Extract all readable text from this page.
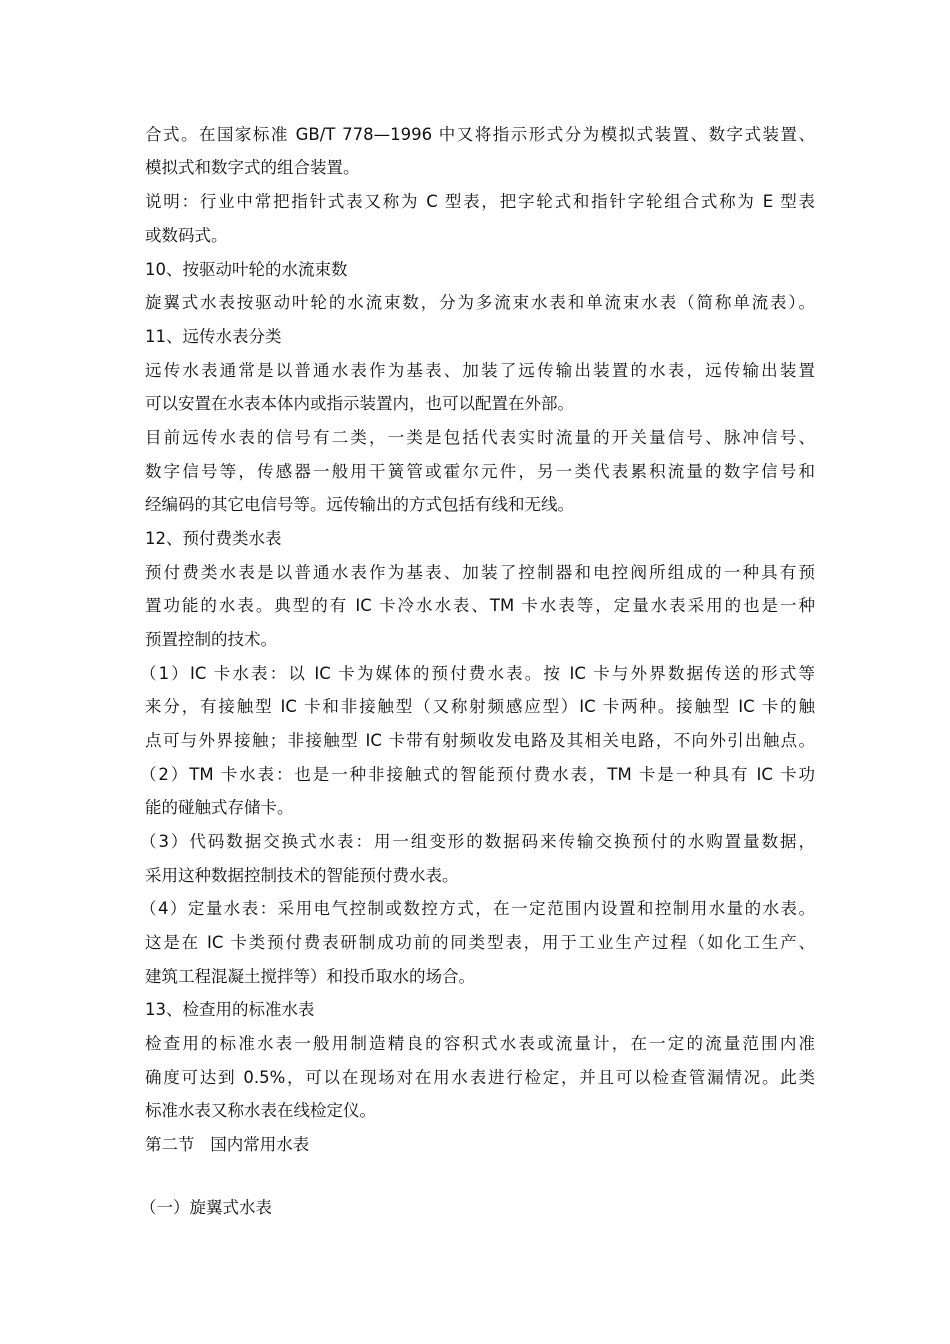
合式。在国家标准 GB/T 778—1996 中又将指示形式分为模拟式装置、数字式装置、
模拟式和数字式的组合装置。
说明：行业中常把指针式表又称为 C 型表，把字轮式和指针字轮组合式称为 E 型表
或数码式。
10、按驱动叶轮的水流束数
旋翼式水表按驱动叶轮的水流束数，分为多流束水表和单流束水表（简称单流表）。
11、远传水表分类
远传水表通常是以普通水表作为基表、加装了远传输出装置的水表，远传输出装置
可以安置在水表本体内或指示装置内，也可以配置在外部。
目前远传水表的信号有二类，一类是包括代表实时流量的开关量信号、脉冲信号、
数字信号等，传感器一般用干簧管或霍尔元件，另一类代表累积流量的数字信号和
经编码的其它电信号等。远传输出的方式包括有线和无线。
12、预付费类水表
预付费类水表是以普通水表作为基表、加装了控制器和电控阀所组成的一种具有预
置功能的水表。典型的有 IC 卡冷水水表、TM 卡水表等，定量水表采用的也是一种
预置控制的技术。
（1）IC 卡水表：以 IC 卡为媒体的预付费水表。按 IC 卡与外界数据传送的形式等
来分，有接触型 IC 卡和非接触型（又称射频感应型）IC 卡两种。接触型 IC 卡的触
点可与外界接触；非接触型 IC 卡带有射频收发电路及其相关电路，不向外引出触点。
（2）TM 卡水表：也是一种非接触式的智能预付费水表，TM 卡是一种具有 IC 卡功
能的碰触式存储卡。
（3）代码数据交换式水表：用一组变形的数据码来传输交换预付的水购置量数据，
采用这种数据控制技术的智能预付费水表。
（4）定量水表：采用电气控制或数控方式，在一定范围内设置和控制用水量的水表。
这是在 IC 卡类预付费表研制成功前的同类型表，用于工业生产过程（如化工生产、
建筑工程混凝土搅拌等）和投币取水的场合。
13、检查用的标准水表
检查用的标准水表一般用制造精良的容积式水表或流量计，在一定的流量范围内准
确度可达到 0.5%，可以在现场对在用水表进行检定，并且可以检查管漏情况。此类
标准水表又称水表在线检定仪。
第二节   国内常用水表
（一）旋翼式水表
